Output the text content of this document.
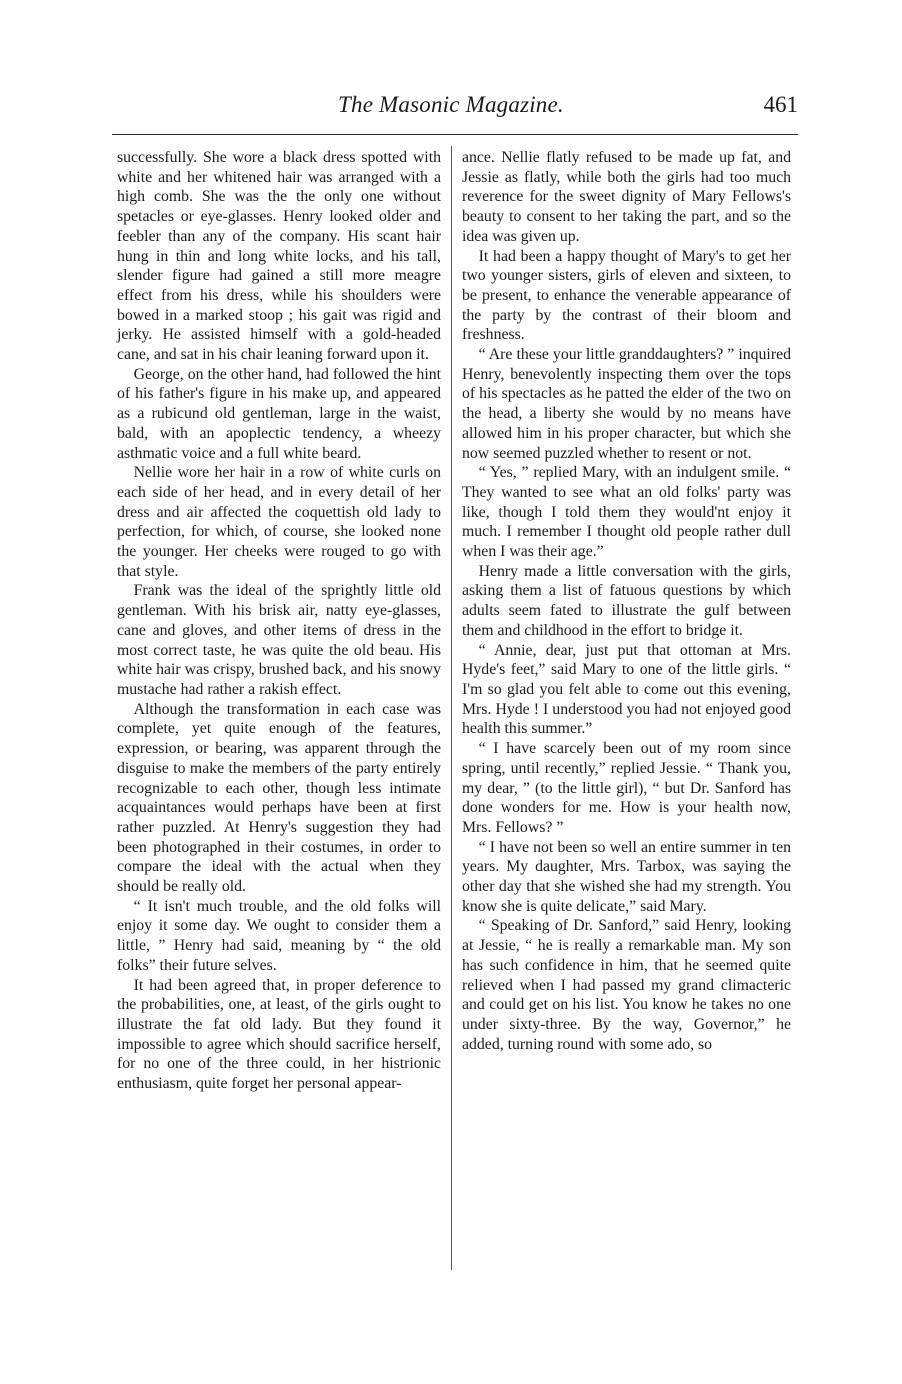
The Masonic Magazine.	461

successfully. She wore a black dress spotted with white and her whitened hair was arranged with a high comb. She was the the only one without spetacles or eye-glasses. Henry looked older and feebler than any of the company. His scant hair hung in thin and long white locks, and his tall, slender figure had gained a still more meagre effect from his dress, while his shoulders were bowed in a marked stoop ; his gait was rigid and jerky. He assisted himself with a gold-headed cane, and sat in his chair leaning forward upon it.

George, on the other hand, had followed the hint of his father's figure in his make up, and appeared as a rubicund old gentleman, large in the waist, bald, with an apoplectic tendency, a wheezy asthmatic voice and a full white beard.

Nellie wore her hair in a row of white curls on each side of her head, and in every detail of her dress and air affected the coquettish old lady to perfection, for which, of course, she looked none the younger. Her cheeks were rouged to go with that style.

Frank was the ideal of the sprightly little old gentleman. With his brisk air, natty eye-glasses, cane and gloves, and other items of dress in the most correct taste, he was quite the old beau. His white hair was crispy, brushed back, and his snowy mustache had rather a rakish effect.

Although the transformation in each case was complete, yet quite enough of the features, expression, or bearing, was apparent through the disguise to make the members of the party entirely recognizable to each other, though less intimate acquaintances would perhaps have been at first rather puzzled. At Henry's suggestion they had been photographed in their costumes, in order to compare the ideal with the actual when they should be really old.

“ It isn't much trouble, and the old folks will enjoy it some day. We ought to consider them a little, ” Henry had said, meaning by “ the old folks” their future selves.

It had been agreed that, in proper deference to the probabilities, one, at least, of the girls ought to illustrate the fat old lady. But they found it impossible to agree which should sacrifice herself, for no one of the three could, in her histrionic enthusiasm, quite forget her personal appear-

ance. Nellie flatly refused to be made up fat, and Jessie as flatly, while both the girls had too much reverence for the sweet dignity of Mary Fellows's beauty to consent to her taking the part, and so the idea was given up.

It had been a happy thought of Mary's to get her two younger sisters, girls of eleven and sixteen, to be present, to enhance the venerable appearance of the party by the contrast of their bloom and freshness.

“ Are these your little granddaughters? ” inquired Henry, benevolently inspecting them over the tops of his spectacles as he patted the elder of the two on the head, a liberty she would by no means have allowed him in his proper character, but which she now seemed puzzled whether to resent or not.

“ Yes, ” replied Mary, with an indulgent smile. “ They wanted to see what an old folks' party was like, though I told them they would'nt enjoy it much. I remember I thought old people rather dull when I was their age.”

Henry made a little conversation with the girls, asking them a list of fatuous questions by which adults seem fated to illustrate the gulf between them and childhood in the effort to bridge it.

“ Annie, dear, just put that ottoman at Mrs. Hyde's feet,” said Mary to one of the little girls. “ I'm so glad you felt able to come out this evening, Mrs. Hyde ! I understood you had not enjoyed good health this summer.”

“ I have scarcely been out of my room since spring, until recently,” replied Jessie. “ Thank you, my dear, ” (to the little girl), “ but Dr. Sanford has done wonders for me. How is your health now, Mrs. Fellows? ”

“ I have not been so well an entire summer in ten years. My daughter, Mrs. Tarbox, was saying the other day that she wished she had my strength. You know she is quite delicate,” said Mary.

“ Speaking of Dr. Sanford,” said Henry, looking at Jessie, “ he is really a remarkable man. My son has such confidence in him, that he seemed quite relieved when I had passed my grand climacteric and could get on his list. You know he takes no one under sixty-three. By the way, Governor,” he added, turning round with some ado, so
